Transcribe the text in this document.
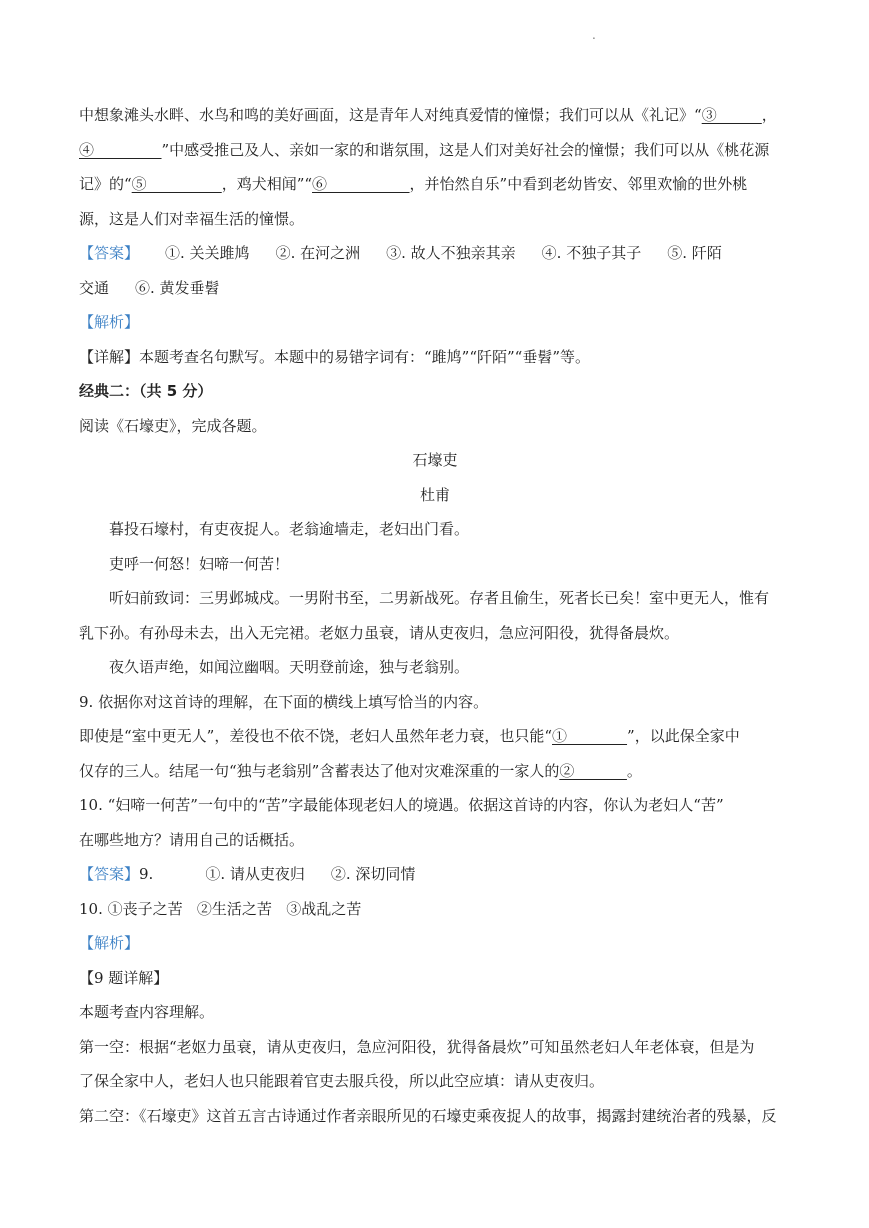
.

中想象滩头水畔、水鸟和鸣的美好画面，这是青年人对纯真爱情的憧憬；我们可以从《礼记》“③______，

④_________”中感受推己及人、亲如一家的和谐氛围，这是人们对美好社会的憧憬；我们可以从《桃花源

记》的“⑤__________，鸡犬相闻”“⑥___________，并怡然自乐”中看到老幼皆安、邻里欢愉的世外桃

源，这是人们对幸福生活的憧憬。

【答案】 ①. 关关雎鸠 ②. 在河之洲 ③. 故人不独亲其亲 ④. 不独子其子 ⑤. 阡陌

交通 ⑥. 黄发垂髫

【解析】

【详解】本题考查名句默写。本题中的易错字词有：“雎鸠”“阡陌”“垂髫”等。

经典二：（共 5 分）

阅读《石壕吏》，完成各题。

石壕吏

杜甫

暮投石壕村，有吏夜捉人。老翁逾墙走，老妇出门看。

吏呼一何怒！妇啼一何苦！

听妇前致词：三男邺城戍。一男附书至，二男新战死。存者且偷生，死者长已矣！室中更无人，惟有

乳下孙。有孙母未去，出入无完裙。老妪力虽衰，请从吏夜归，急应河阳役，犹得备晨炊。

夜久语声绝，如闻泣幽咽。天明登前途，独与老翁别。

9. 依据你对这首诗的理解，在下面的横线上填写恰当的内容。

即使是“室中更无人”，差役也不依不饶，老妇人虽然年老力衰，也只能“①________”，以此保全家中

仅存的三人。结尾一句“独与老翁别”含蓄表达了他对灾难深重的一家人的②_______。

10. “妇啼一何苦”一句中的“苦”字最能体现老妇人的境遇。依据这首诗的内容，你认为老妇人“苦”

在哪些地方？请用自己的话概括。

【答案】9.	①. 请从吏夜归 ②. 深切同情

10. ①丧子之苦   ②生活之苦   ③战乱之苦

【解析】

【9 题详解】

本题考查内容理解。

第一空：根据“老妪力虽衰，请从吏夜归，急应河阳役，犹得备晨炊”可知虽然老妇人年老体衰，但是为

了保全家中人，老妇人也只能跟着官吏去服兵役，所以此空应填：请从吏夜归。

第二空：《石壕吏》这首五言古诗通过作者亲眼所见的石壕吏乘夜捉人的故事，揭露封建统治者的残暴，反
